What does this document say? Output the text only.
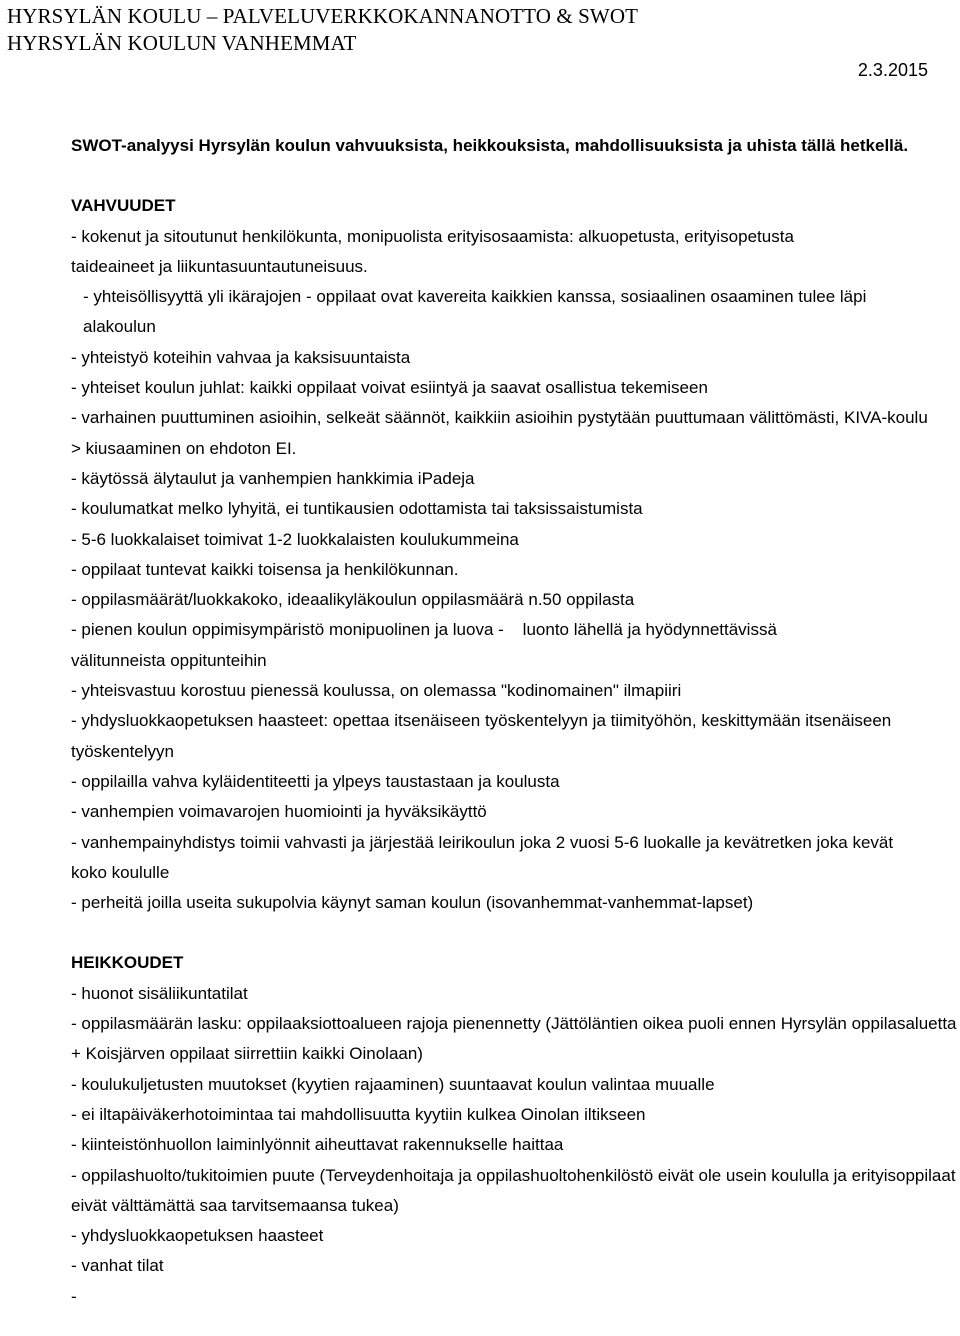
HYRSYLÄN KOULU – PALVELUVERKKOKANNANOTTO & SWOT
HYRSYLÄN KOULUN VANHEMMAT
2.3.2015
SWOT-analyysi Hyrsylän koulun vahvuuksista, heikkouksista, mahdollisuuksista ja uhista tällä hetkellä.
VAHVUUDET
- kokenut ja sitoutunut henkilökunta, monipuolista erityisosaamista: alkuopetusta, erityisopetusta taideaineet ja liikuntasuuntautuneisuus.
- yhteisöllisyyttä yli ikärajojen - oppilaat ovat kavereita kaikkien kanssa, sosiaalinen osaaminen tulee läpi alakoulun
- yhteistyö koteihin vahvaa ja kaksisuuntaista
- yhteiset koulun juhlat: kaikki oppilaat voivat esiintyä ja saavat osallistua tekemiseen
- varhainen puuttuminen asioihin, selkeät säännöt, kaikkiin asioihin pystytään puuttumaan välittömästi, KIVA-koulu > kiusaaminen on ehdoton EI.
- käytössä älytaulut ja vanhempien hankkimia iPadeja
- koulumatkat melko lyhyitä, ei tuntikausien odottamista tai taksissaistumista
- 5-6 luokkalaiset toimivat 1-2 luokkalaisten koulukummeina
- oppilaat tuntevat kaikki toisensa ja henkilökunnan.
- oppilasmäärät/luokkakoko, ideaalikyläkoulun oppilasmäärä n.50 oppilasta
- pienen koulun oppimisympäristö monipuolinen ja luova -    luonto lähellä ja hyödynnettävissä välitunneista oppitunteihin
- yhteisvastuu korostuu pienessä koulussa, on olemassa "kodinomainen" ilmapiiri
- yhdysluokkaopetuksen haasteet: opettaa itsenäiseen työskentelyyn ja tiimityöhön, keskittymään itsenäiseen työskentelyyn
- oppilailla vahva kyläidentiteetti ja ylpeys taustastaan ja koulusta
- vanhempien voimavarojen huomiointi ja hyväksikäyttö
- vanhempainyhdistys toimii vahvasti ja järjestää leirikoulun joka 2 vuosi 5-6 luokalle ja kevätretken joka kevät koko koululle
- perheitä joilla useita sukupolvia käynyt saman koulun (isovanhemmat-vanhemmat-lapset)
HEIKKOUDET
- huonot sisäliikuntatilat
- oppilasmäärän lasku: oppilaaksiottoalueen rajoja pienennetty (Jättöläntien oikea puoli ennen Hyrsylän oppilasaluetta + Koisjärven oppilaat siirrettiin kaikki Oinolaan)
- koulukuljetusten muutokset (kyytien rajaaminen) suuntaavat koulun valintaa muualle
- ei iltapäiväkerhotoimintaa tai mahdollisuutta kyytiin kulkea Oinolan iltikseen
- kiinteistönhuollon laiminlyönnit aiheuttavat rakennukselle haittaa
- oppilashuolto/tukitoimien puute (Terveydenhoitaja ja oppilashuoltohenkilöstö eivät ole usein koululla ja erityisoppilaat eivät välttämättä saa tarvitsemaansa tukea)
- yhdysluokkaopetuksen haasteet
- vanhat tilat
-
